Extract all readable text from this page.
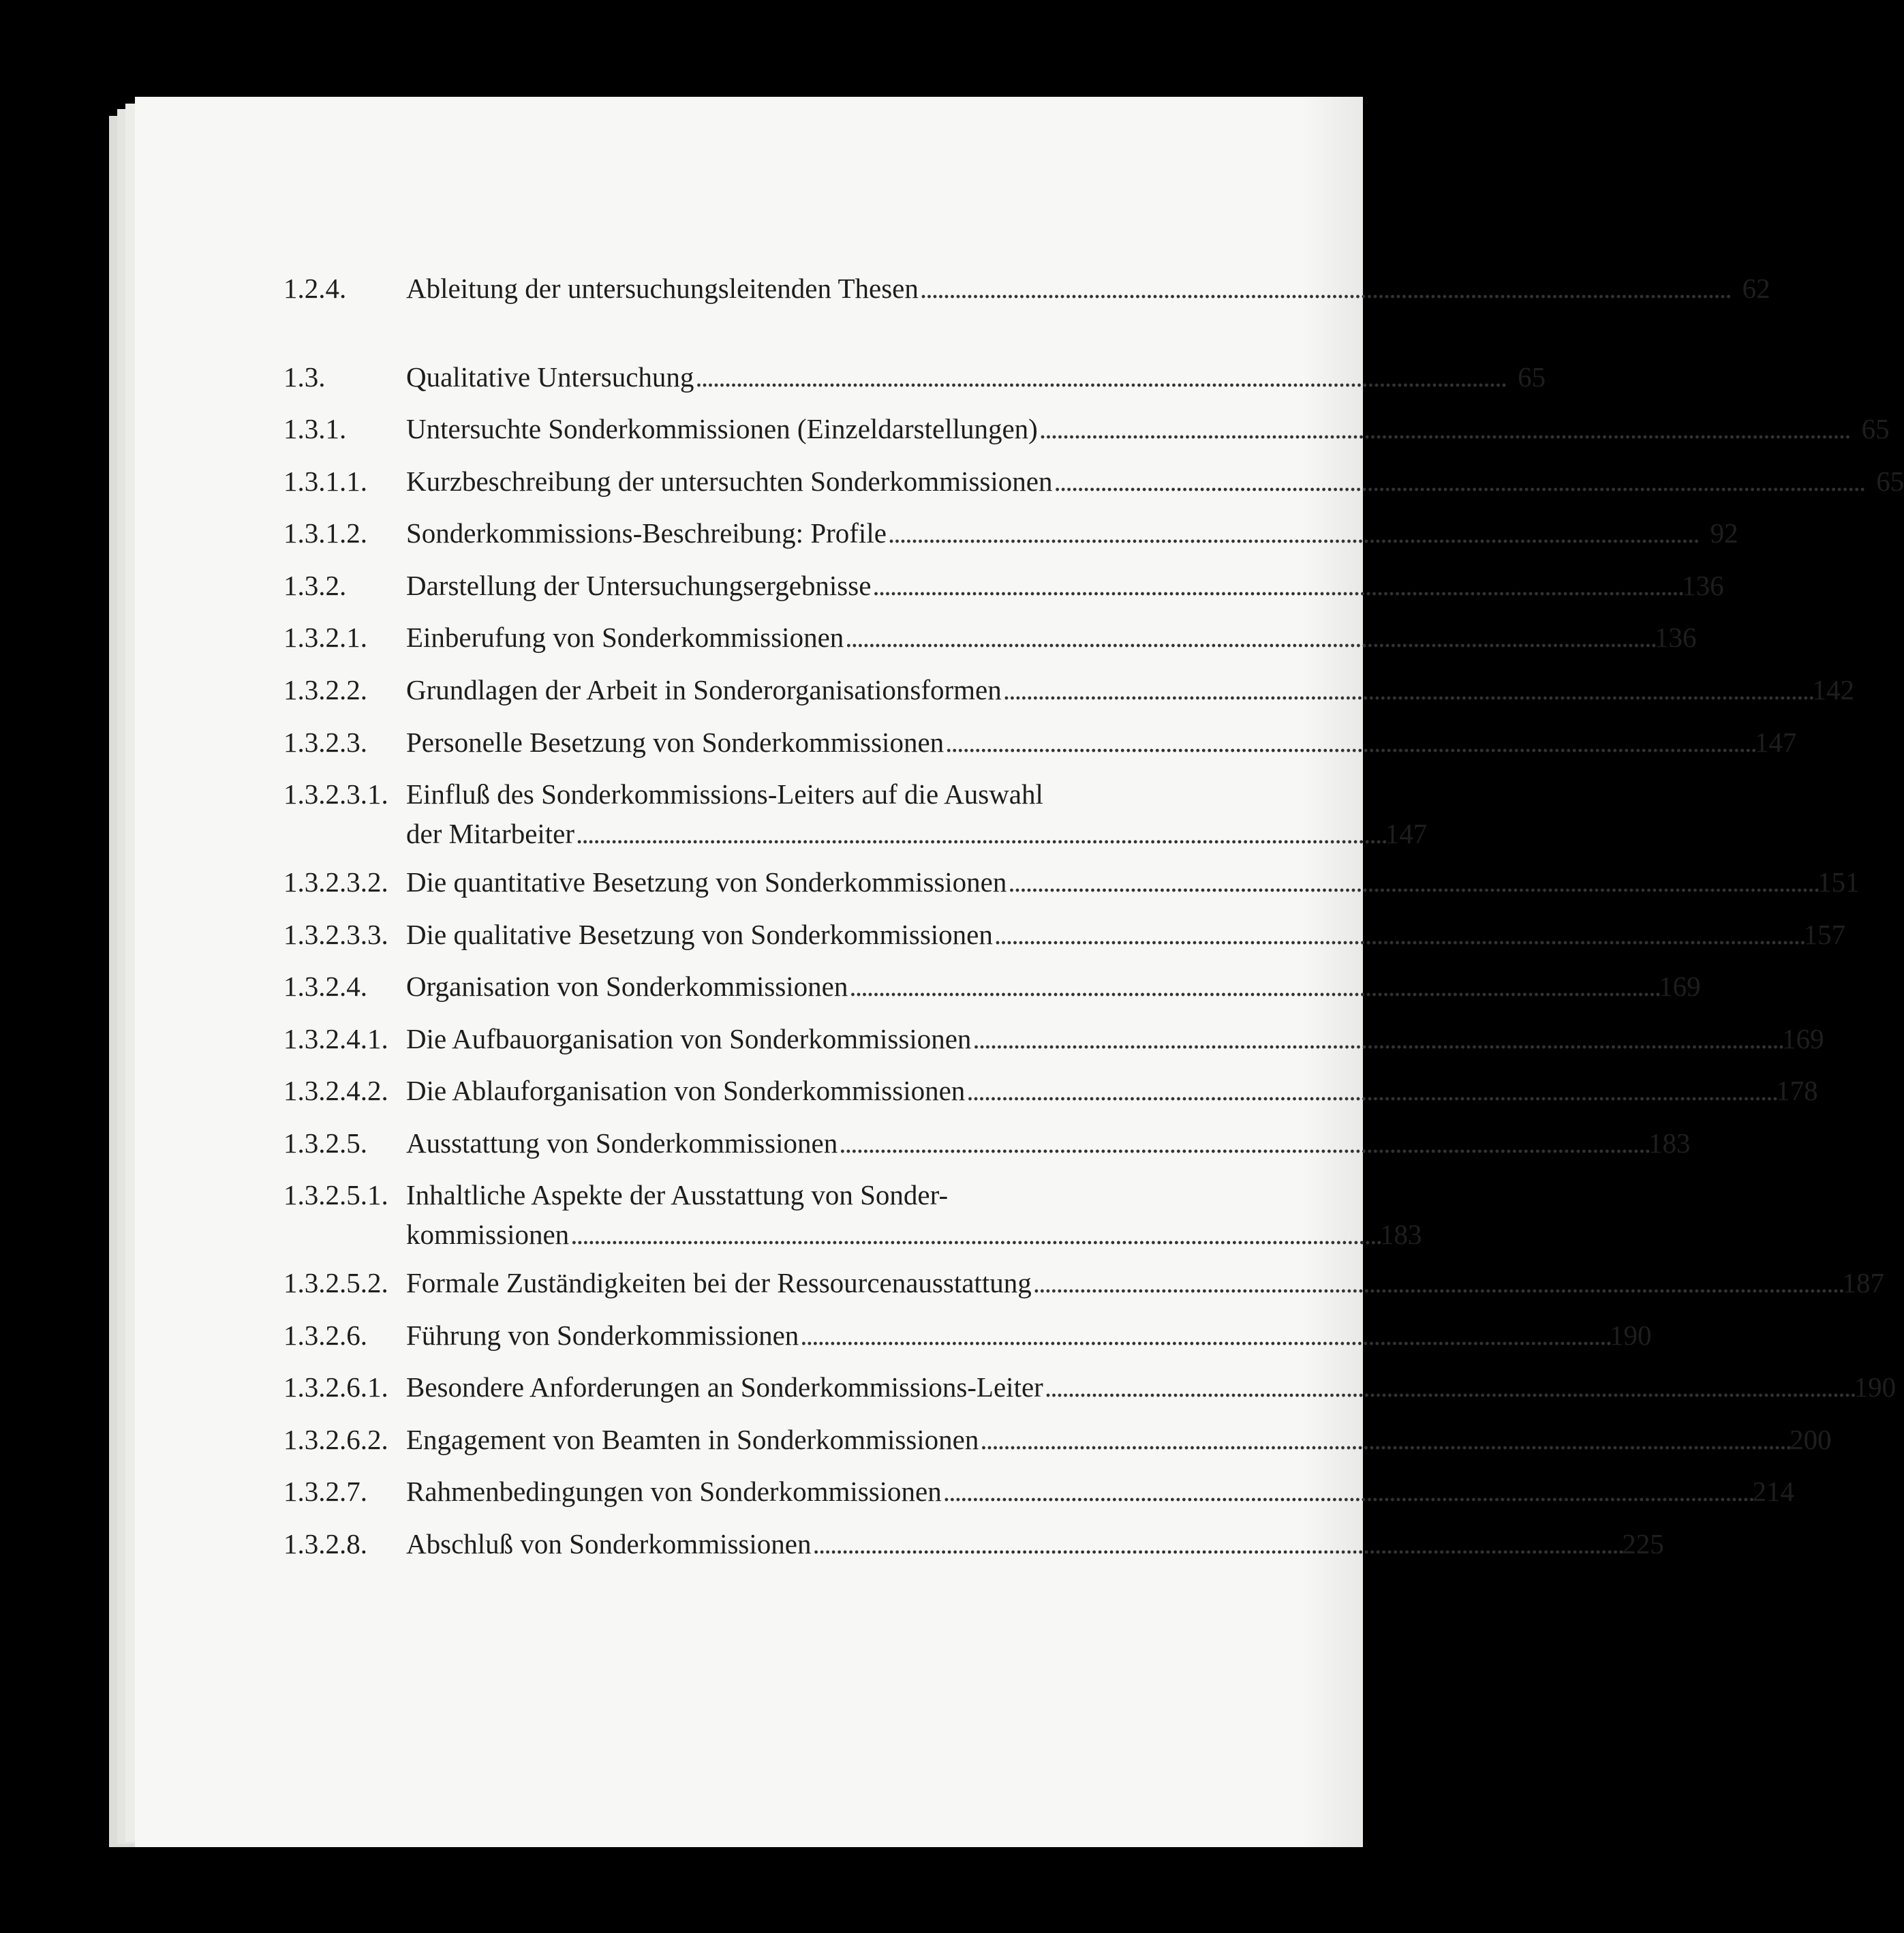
1.2.4.	Ableitung der untersuchungsleitenden Thesen . . .	62
1.3.	Qualitative Untersuchung . . .	65
1.3.1.	Untersuchte Sonderkommissionen (Einzeldarstellungen) . . .	65
1.3.1.1.	Kurzbeschreibung der untersuchten Sonderkommissionen . . .	65
1.3.1.2.	Sonderkommissions-Beschreibung: Profile . . .	92
1.3.2.	Darstellung der Untersuchungsergebnisse . . .	136
1.3.2.1.	Einberufung von Sonderkommissionen . . .	136
1.3.2.2.	Grundlagen der Arbeit in Sonderorganisationsformen . . .	142
1.3.2.3.	Personelle Besetzung von Sonderkommissionen . . .	147
1.3.2.3.1. Einfluß des Sonderkommissions-Leiters auf die Auswahl
der Mitarbeiter . . .	147
1.3.2.3.2. Die quantitative Besetzung von Sonderkommissionen . . .	151
1.3.2.3.3. Die qualitative Besetzung von Sonderkommissionen . . .	157
1.3.2.4.	Organisation von Sonderkommissionen . . .	169
1.3.2.4.1. Die Aufbauorganisation von Sonderkommissionen . . .	169
1.3.2.4.2. Die Ablauforganisation von Sonderkommissionen . . .	178
1.3.2.5.	Ausstattung von Sonderkommissionen . . .	183
1.3.2.5.1. Inhaltliche Aspekte der Ausstattung von Sonder-
kommissionen . . .	183
1.3.2.5.2. Formale Zuständigkeiten bei der Ressourcenausstattung . . .	187
1.3.2.6.	Führung von Sonderkommissionen . . .	190
1.3.2.6.1. Besondere Anforderungen an Sonderkommissions-Leiter . . .	190
1.3.2.6.2. Engagement von Beamten in Sonderkommissionen . . .	200
1.3.2.7.	Rahmenbedingungen von Sonderkommissionen . . .	214
1.3.2.8.	Abschluß von Sonderkommissionen . . .	225
